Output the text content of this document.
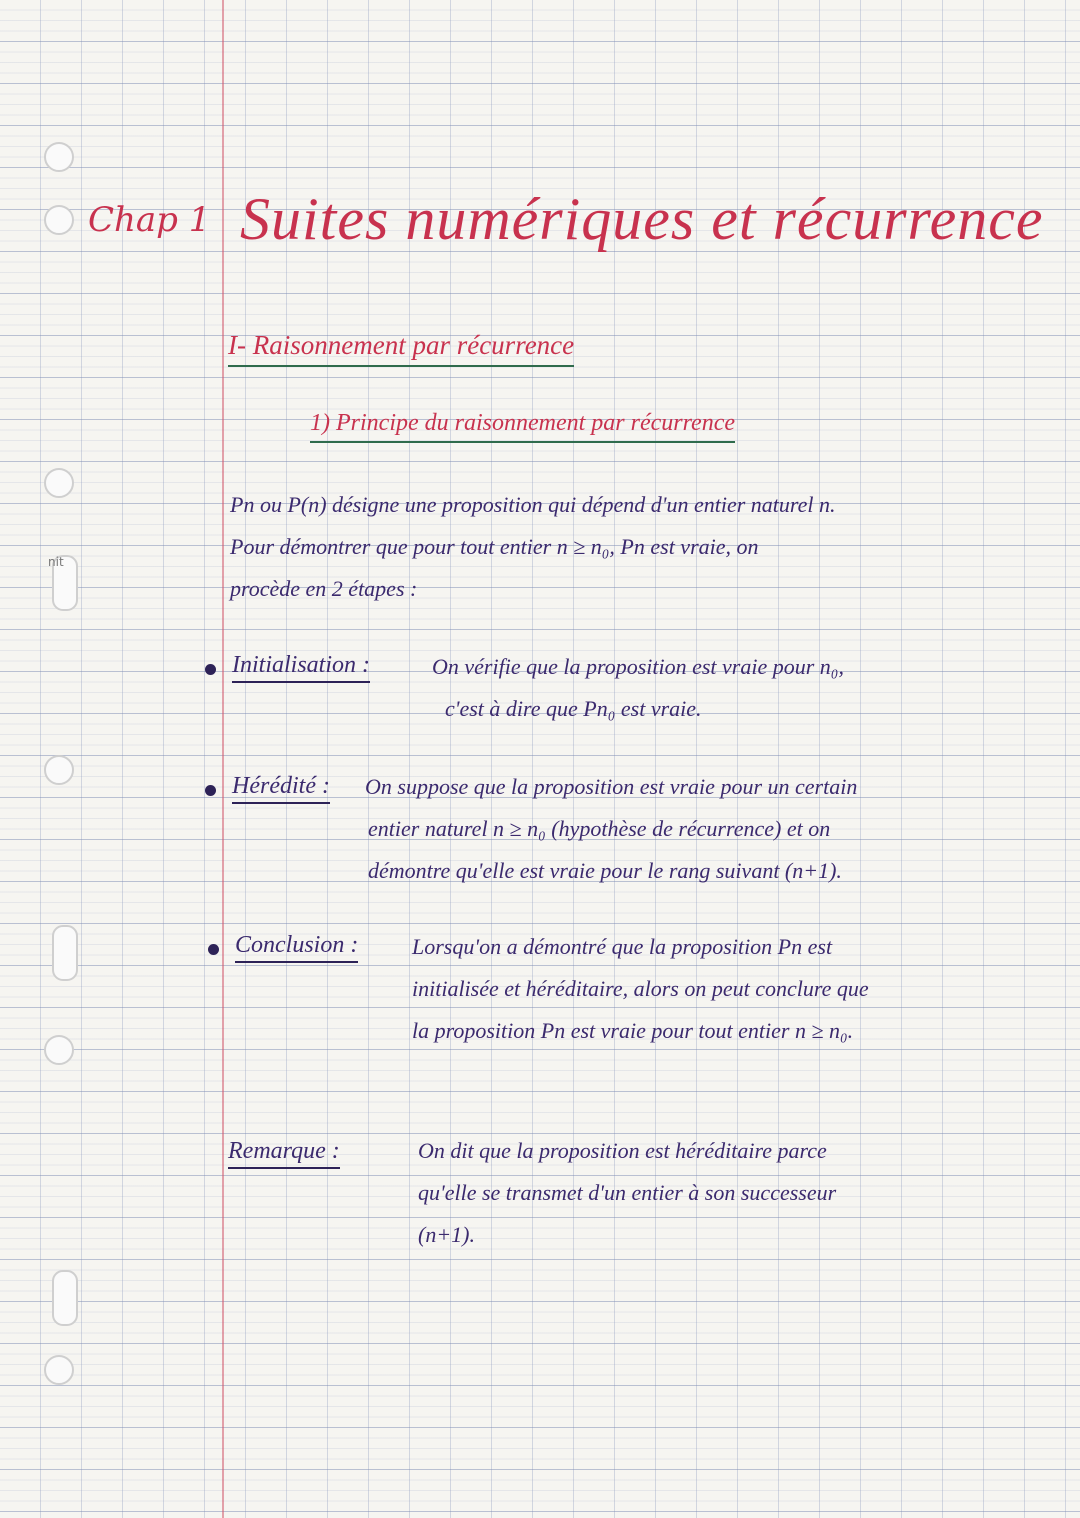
nit
Chap 1 Suites numériques et récurrence
I- Raisonnement par récurrence
1) Principe du raisonnement par récurrence
Pn ou P(n) désigne une proposition qui dépend d'un entier naturel n.
Pour démontrer que pour tout entier n ≥ n₀, Pn est vraie, on
procède en 2 étapes :
Initialisation :	On vérifie que la proposition est vraie pour n₀,
c'est à dire que Pn₀ est vraie.
Hérédité : On suppose que la proposition est vraie pour un certain
entier naturel n ≥ n₀ (hypothèse de récurrence) et on
démontre qu'elle est vraie pour le rang suivant (n+1).
Conclusion : Lorsqu'on a démontré que la proposition Pn est
initialisée et héréditaire, alors on peut conclure que
la proposition Pn est vraie pour tout entier n ≥ n₀.
Remarque :	On dit que la proposition est héréditaire parce
qu'elle se transmet d'un entier à son successeur
(n+1).
